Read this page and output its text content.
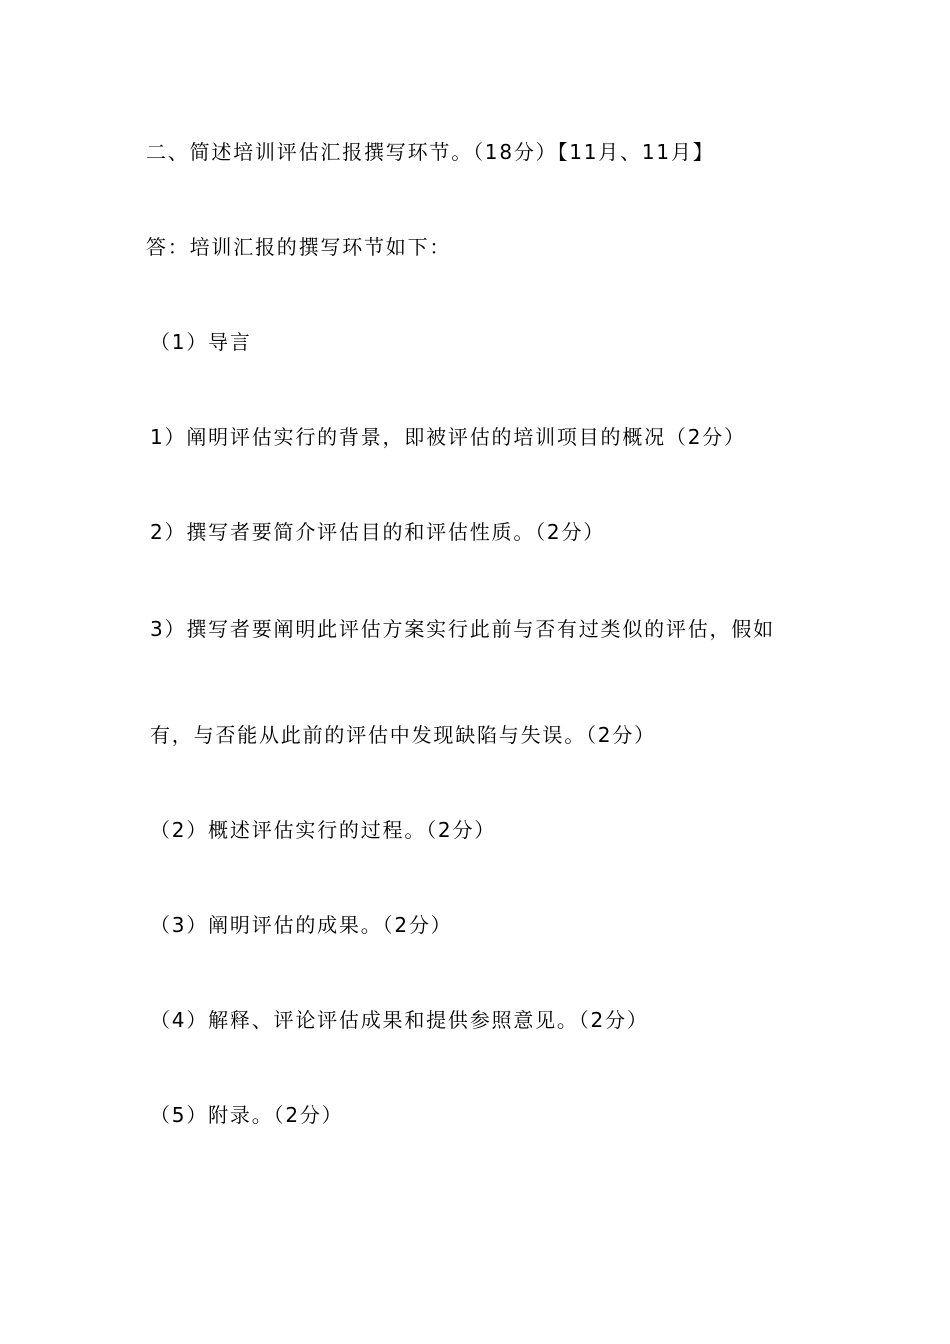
二、简述培训评估汇报撰写环节。（18分）【11月、11月】
答：培训汇报的撰写环节如下：
（1）导言
1）阐明评估实行的背景，即被评估的培训项目的概况（2分）
2）撰写者要简介评估目的和评估性质。（2分）
3）撰写者要阐明此评估方案实行此前与否有过类似的评估，假如
有，与否能从此前的评估中发现缺陷与失误。（2分）
（2）概述评估实行的过程。（2分）
（3）阐明评估的成果。（2分）
（4）解释、评论评估成果和提供参照意见。（2分）
（5）附录。（2分）
